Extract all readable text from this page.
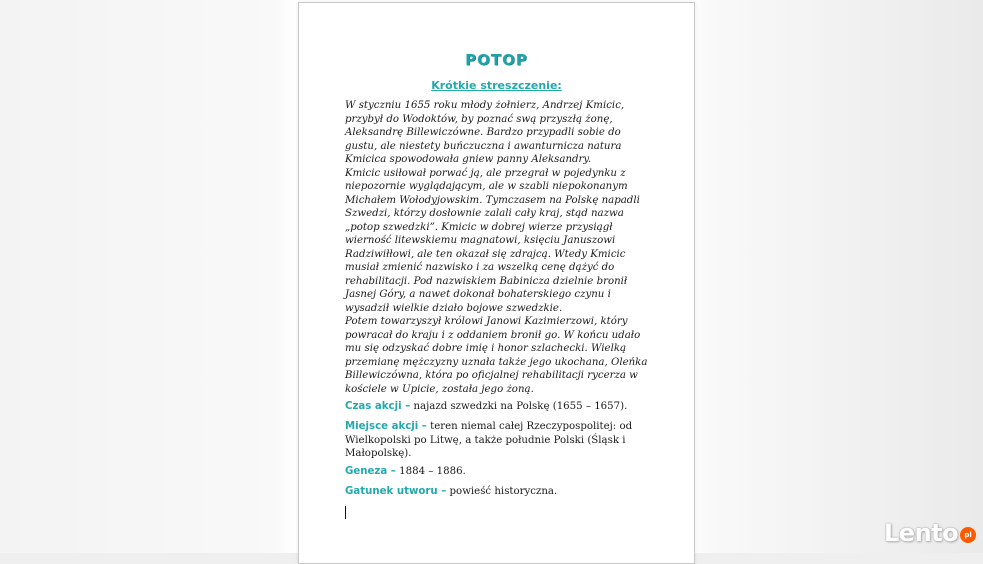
POTOP
Krótkie streszczenie:

W styczniu 1655 roku młody żołnierz, Andrzej Kmicic, przybył do Wodoktów, by poznać swą przyszłą żonę, Aleksandrę Billewiczówne. Bardzo przypadli sobie do gustu, ale niestety buńczuczna i awanturnicza natura Kmicica spowodowała gniew panny Aleksandry.

Kmicic usiłował porwać ją, ale przegrał w pojedynku z niepozornie wyglądającym, ale w szabli niepokonanym Michałem Wołodyjowskim. Tymczasem na Polskę napadli Szwedzi, którzy dosłownie zalali cały kraj, stąd nazwa „potop szwedzki”. Kmicic w dobrej wierze przysiągł wierność litewskiemu magnatowi, księciu Januszowi Radziwiłłowi, ale ten okazał się zdrajcą. Wtedy Kmicic musiał zmienić nazwisko i za wszelką cenę dążyć do rehabilitacji. Pod nazwiskiem Babinicza dzielnie bronił Jasnej Góry, a nawet dokonał bohaterskiego czynu i wysadził wielkie działo bojowe szwedzkie.

Potem towarzyszył królowi Janowi Kazimierzowi, który powracał do kraju i z oddaniem bronił go. W końcu udało mu się odzyskać dobre imię i honor szlachecki. Wielką przemianę mężczyzny uznała także jego ukochana, Oleńka Billewiczówna, która po oficjalnej rehabilitacji rycerza w kościele w Upicie, została jego żoną.

Czas akcji – najazd szwedzki na Polskę (1655 – 1657).
Miejsce akcji – teren niemal całej Rzeczypospolitej: od Wielkopolski po Litwę, a także południe Polski (Śląsk i Małopolskę).
Geneza – 1884 – 1886.
Gatunek utworu – powieść historyczna.
Lento pl
